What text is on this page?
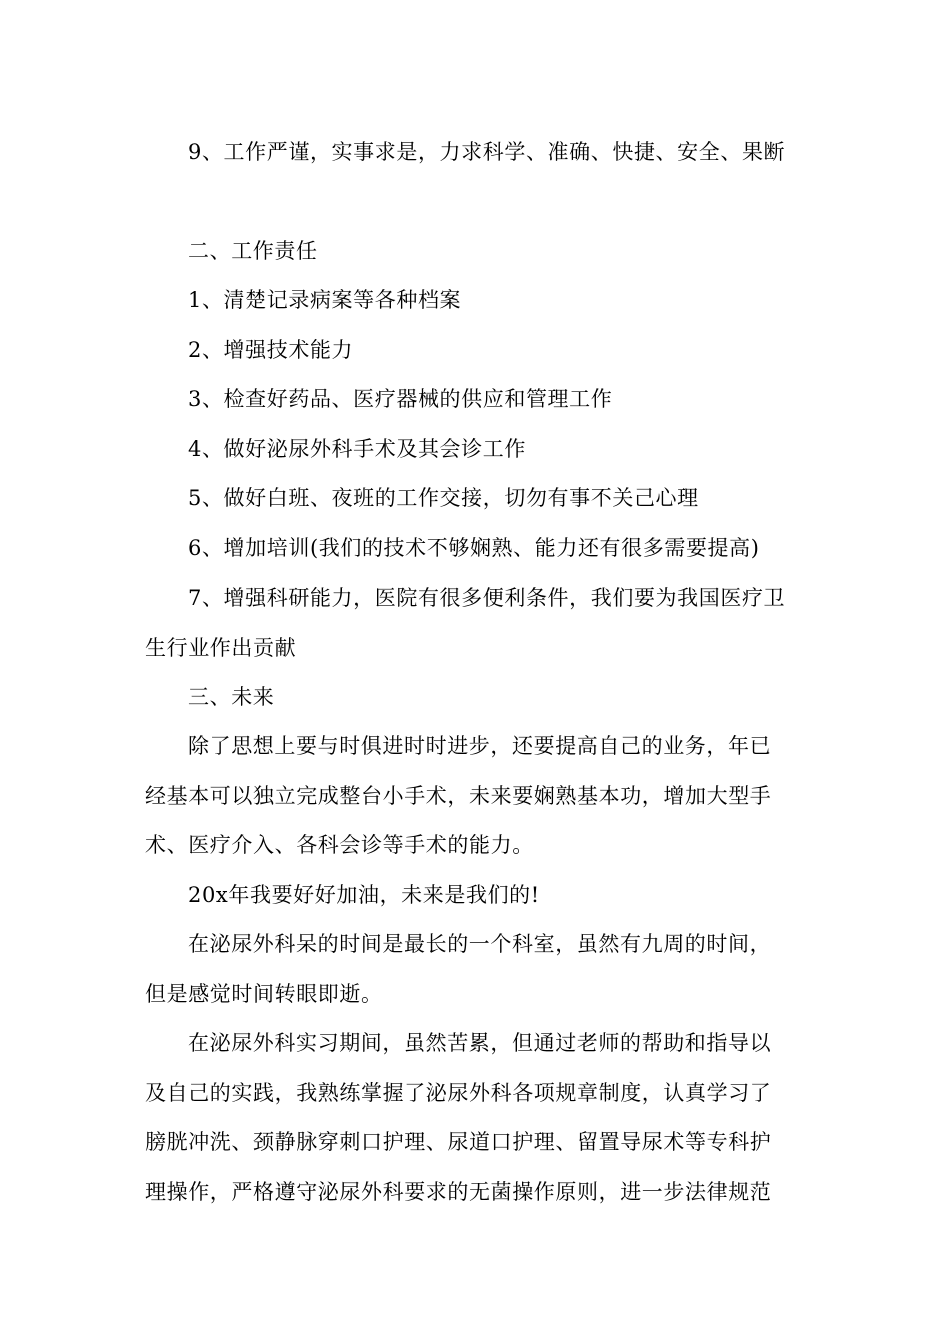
9、工作严谨，实事求是，力求科学、准确、快捷、安全、果断
二、工作责任
1、清楚记录病案等各种档案
2、增强技术能力
3、检查好药品、医疗器械的供应和管理工作
4、做好泌尿外科手术及其会诊工作
5、做好白班、夜班的工作交接，切勿有事不关己心理
6、增加培训(我们的技术不够娴熟、能力还有很多需要提高)
7、增强科研能力，医院有很多便利条件，我们要为我国医疗卫
生行业作出贡献
三、未来
除了思想上要与时俱进时时进步，还要提高自己的业务，年已
经基本可以独立完成整台小手术，未来要娴熟基本功，增加大型手
术、医疗介入、各科会诊等手术的能力。
20x年我要好好加油，未来是我们的!
在泌尿外科呆的时间是最长的一个科室，虽然有九周的时间，
但是感觉时间转眼即逝。
在泌尿外科实习期间，虽然苦累，但通过老师的帮助和指导以
及自己的实践，我熟练掌握了泌尿外科各项规章制度，认真学习了
膀胱冲洗、颈静脉穿刺口护理、尿道口护理、留置导尿术等专科护
理操作，严格遵守泌尿外科要求的无菌操作原则，进一步法律规范
